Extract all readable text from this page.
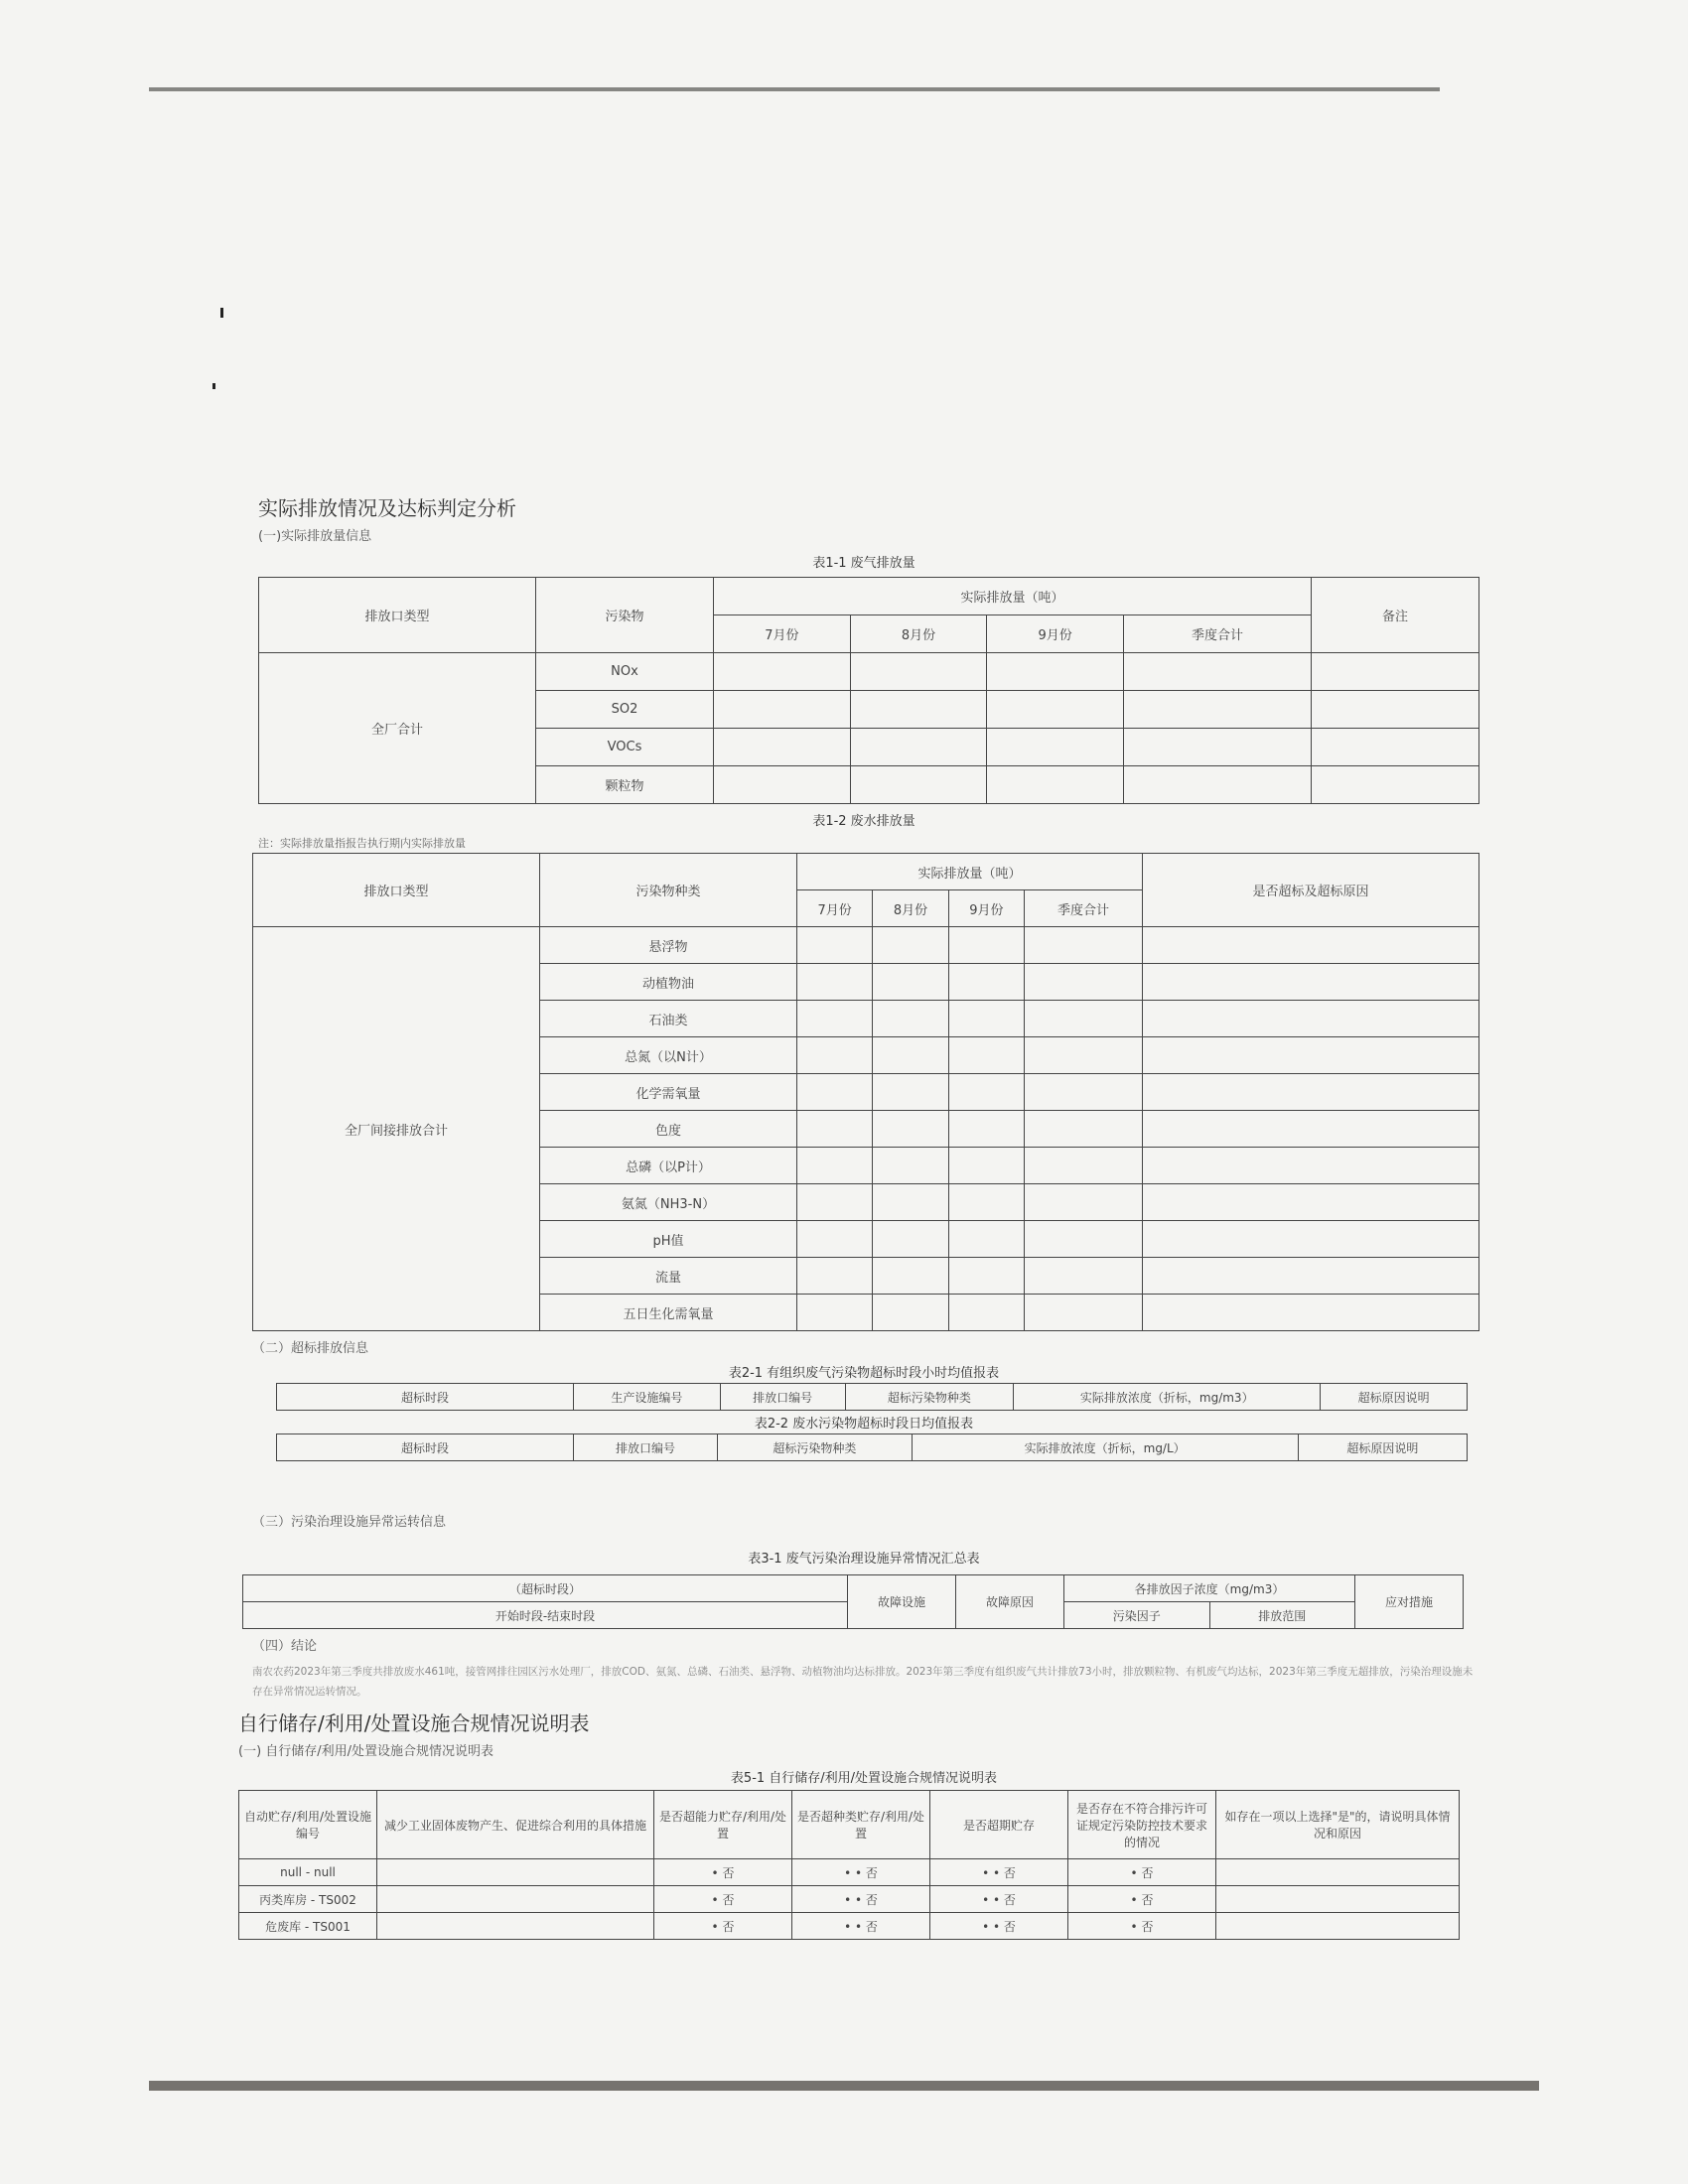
实际排放情况及达标判定分析
(一)实际排放量信息
表1-1 废气排放量
排放口类型	污染物	实际排放量（吨）				备注
		7月份	8月份	9月份	季度合计	
全厂合计	NOx					
	SO2					
	VOCs					
	颗粒物					
表1-2 废水排放量
注：实际排放量指报告执行期内实际排放量
排放口类型	污染物种类	实际排放量（吨）				是否超标及超标原因
		7月份	8月份	9月份	季度合计	
全厂间接排放合计	悬浮物					
	动植物油					
	石油类					
	总氮（以N计）					
	化学需氧量					
	色度					
	总磷（以P计）					
	氨氮（NH3-N）					
	pH值					
	流量					
	五日生化需氧量					
（二）超标排放信息
表2-1 有组织废气污染物超标时段小时均值报表
超标时段	生产设施编号	排放口编号	超标污染物种类	实际排放浓度（折标，mg/m3）	超标原因说明
表2-2 废水污染物超标时段日均值报表
超标时段	排放口编号	超标污染物种类	实际排放浓度（折标，mg/L）	超标原因说明
（三）污染治理设施异常运转信息
表3-1 废气污染治理设施异常情况汇总表
（超标时段）	故障设施	故障原因	各排放因子浓度（mg/m3）		应对措施
开始时段-结束时段			污染因子	排放范围	
（四）结论
南农农药2023年第三季度共排放废水461吨，接管网排往园区污水处理厂，排放COD、氨氮、总磷、石油类、悬浮物、动植物油均达标排放。2023年第三季度有组织废气共计排放73小时，排放颗粒物、有机废气均达标，2023年第三季度无超排放，污染治理设施未存在异常情况运转情况。
自行储存/利用/处置设施合规情况说明表
(一) 自行储存/利用/处置设施合规情况说明表
表5-1 自行储存/利用/处置设施合规情况说明表
自动贮存/利用/处置设施编号	减少工业固体废物产生、促进综合利用的具体措施	是否超能力贮存/利用/处置	是否超种类贮存/利用/处置	是否超期贮存	是否存在不符合排污许可证规定污染防控技术要求的情况	如存在一项以上选择"是"的，请说明具体情况和原因
null - null		• 否	• • 否	• • 否	• 否	
丙类库房 - TS002		• 否	• • 否	• • 否	• 否	
危废库 - TS001		• 否	• • 否	• • 否	• 否	
